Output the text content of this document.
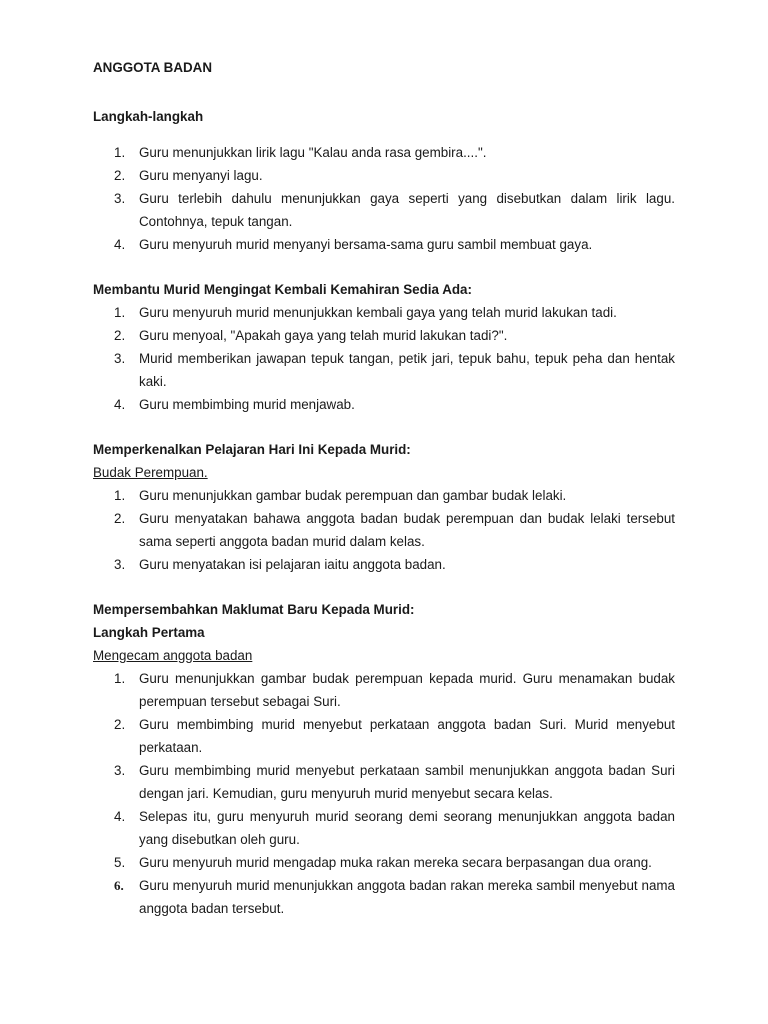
ANGGOTA BADAN

Langkah-langkah

1. Guru menunjukkan lirik lagu "Kalau anda rasa gembira....".
2. Guru menyanyi lagu.
3. Guru terlebih dahulu menunjukkan gaya seperti yang disebutkan dalam lirik lagu. Contohnya, tepuk tangan.
4. Guru menyuruh murid menyanyi bersama-sama guru sambil membuat gaya.

Membantu Murid Mengingat Kembali Kemahiran Sedia Ada:

1. Guru menyuruh murid menunjukkan kembali gaya yang telah murid lakukan tadi.
2. Guru menyoal, "Apakah gaya yang telah murid lakukan tadi?".
3. Murid memberikan jawapan tepuk tangan, petik jari, tepuk bahu, tepuk peha dan hentak kaki.
4. Guru membimbing murid menjawab.

Memperkenalkan Pelajaran Hari Ini Kepada Murid:

Budak Perempuan.

1. Guru menunjukkan gambar budak perempuan dan gambar budak lelaki.
2. Guru menyatakan bahawa anggota badan budak perempuan dan budak lelaki tersebut sama seperti anggota badan murid dalam kelas.
3. Guru menyatakan isi pelajaran iaitu anggota badan.

Mempersembahkan Maklumat Baru Kepada Murid:

Langkah Pertama

Mengecam anggota badan

1. Guru menunjukkan gambar budak perempuan kepada murid. Guru menamakan budak perempuan tersebut sebagai Suri.
2. Guru membimbing murid menyebut perkataan anggota badan Suri. Murid menyebut perkataan.
3. Guru membimbing murid menyebut perkataan sambil menunjukkan anggota badan Suri dengan jari. Kemudian, guru menyuruh murid menyebut secara kelas.
4. Selepas itu, guru menyuruh murid seorang demi seorang menunjukkan anggota badan yang disebutkan oleh guru.
5. Guru menyuruh murid mengadap muka rakan mereka secara berpasangan dua orang.
6. Guru menyuruh murid menunjukkan anggota badan rakan mereka sambil menyebut nama anggota badan tersebut.
